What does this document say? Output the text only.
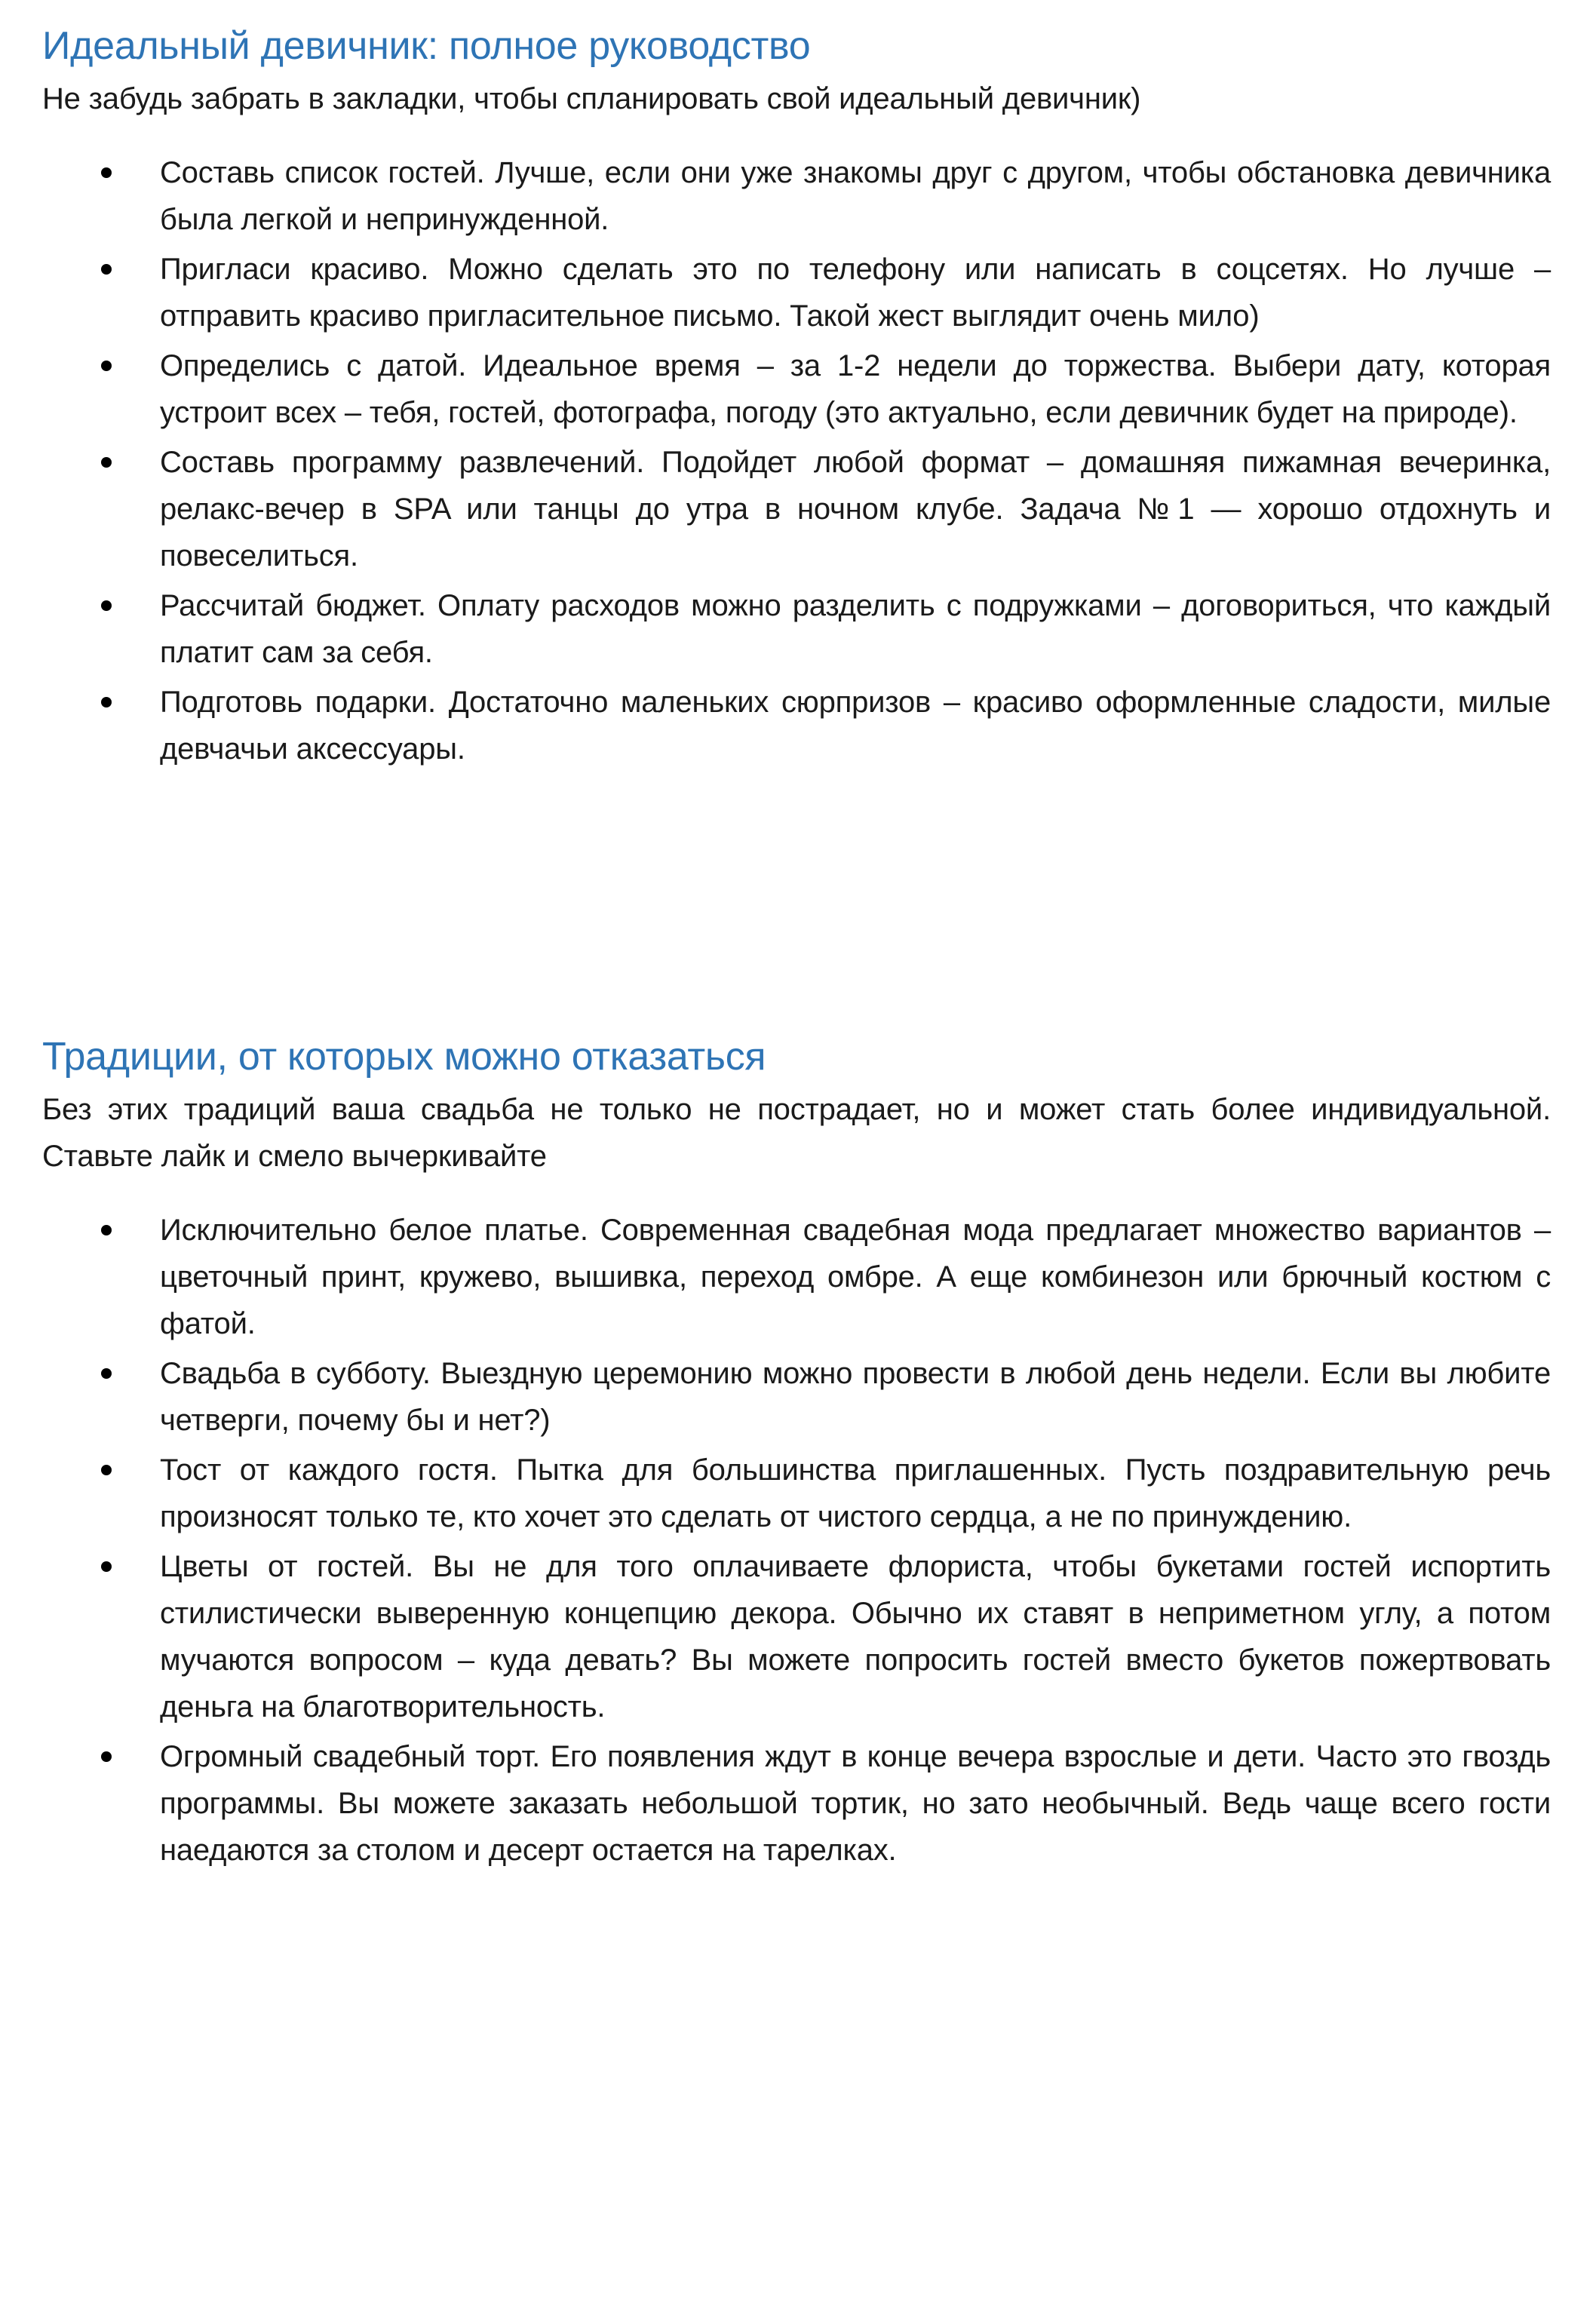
Идеальный девичник: полное руководство

Не забудь забрать в закладки, чтобы спланировать свой идеальный девичник)

Составь список гостей. Лучше, если они уже знакомы друг с другом, чтобы обстановка девичника была легкой и непринужденной.
Пригласи красиво. Можно сделать это по телефону или написать в соцсетях. Но лучше – отправить красиво пригласительное письмо. Такой жест выглядит очень мило)
Определись с датой. Идеальное время – за 1-2 недели до торжества. Выбери дату, которая устроит всех – тебя, гостей, фотографа, погоду (это актуально, если девичник будет на природе).
Составь программу развлечений. Подойдет любой формат – домашняя пижамная вечеринка, релакс-вечер в SPA или танцы до утра в ночном клубе. Задача №1 — хорошо отдохнуть и повеселиться.
Рассчитай бюджет. Оплату расходов можно разделить с подружками – договориться, что каждый платит сам за себя.
Подготовь подарки. Достаточно маленьких сюрпризов – красиво оформленные сладости, милые девчачьи аксессуары.
Традиции, от которых можно отказаться

Без этих традиций ваша свадьба не только не пострадает, но и может стать более индивидуальной. Ставьте лайк и смело вычеркивайте

Исключительно белое платье. Современная свадебная мода предлагает множество вариантов – цветочный принт, кружево, вышивка, переход омбре. А еще комбинезон или брючный костюм с фатой.
Свадьба в субботу. Выездную церемонию можно провести в любой день недели. Если вы любите четверги, почему бы и нет?)
Тост от каждого гостя. Пытка для большинства приглашенных. Пусть поздравительную речь произносят только те, кто хочет это сделать от чистого сердца, а не по принуждению.
Цветы от гостей. Вы не для того оплачиваете флориста, чтобы букетами гостей испортить стилистически выверенную концепцию декора. Обычно их ставят в неприметном углу, а потом мучаются вопросом – куда девать? Вы можете попросить гостей вместо букетов пожертвовать деньга на благотворительность.
Огромный свадебный торт. Его появления ждут в конце вечера взрослые и дети. Часто это гвоздь программы. Вы можете заказать небольшой тортик, но зато необычный. Ведь чаще всего гости наедаются за столом и десерт остается на тарелках.
